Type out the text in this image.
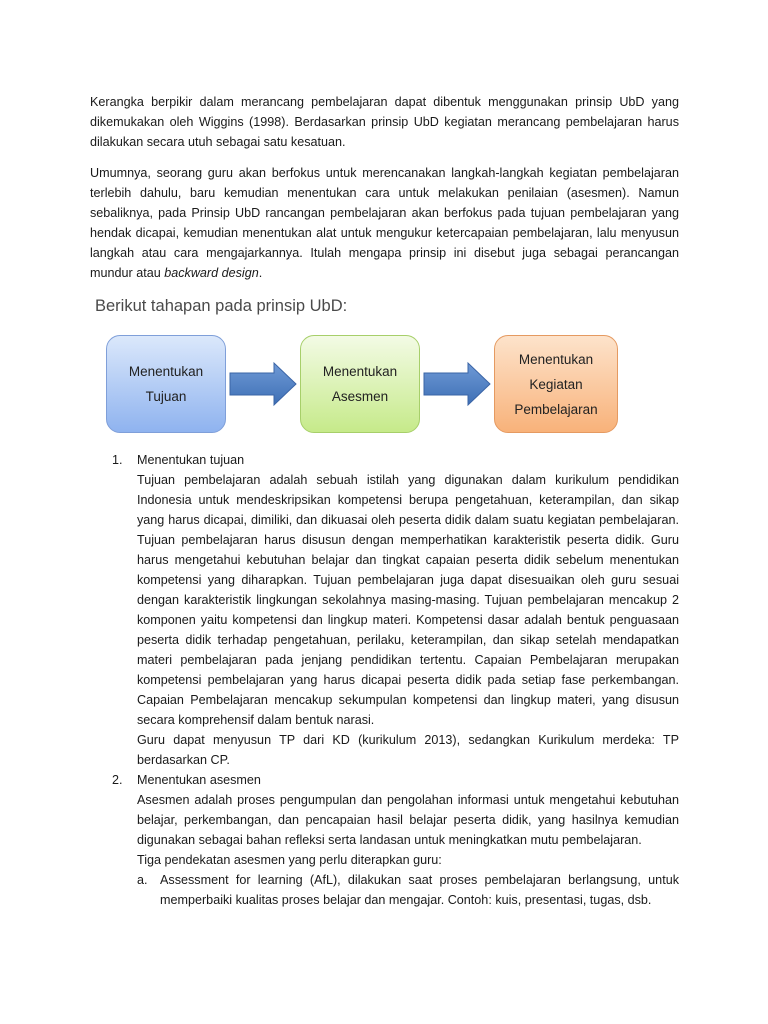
Kerangka berpikir dalam merancang pembelajaran dapat dibentuk menggunakan prinsip UbD yang dikemukakan oleh Wiggins (1998). Berdasarkan prinsip UbD kegiatan merancang pembelajaran harus dilakukan secara utuh sebagai satu kesatuan.

Umumnya, seorang guru akan berfokus untuk merencanakan langkah-langkah kegiatan pembelajaran terlebih dahulu, baru kemudian menentukan cara untuk melakukan penilaian (asesmen). Namun sebaliknya, pada Prinsip UbD rancangan pembelajaran akan berfokus pada tujuan pembelajaran yang hendak dicapai, kemudian menentukan alat untuk mengukur ketercapaian pembelajaran, lalu menyusun langkah atau cara mengajarkannya. Itulah mengapa prinsip ini disebut juga sebagai perancangan mundur atau backward design.

Berikut tahapan pada prinsip UbD:
Menentukan
Tujuan
Menentukan
Asesmen
Menentukan
Kegiatan
Pembelajaran
1. Menentukan tujuan

Tujuan pembelajaran adalah sebuah istilah yang digunakan dalam kurikulum pendidikan Indonesia untuk mendeskripsikan kompetensi berupa pengetahuan, keterampilan, dan sikap yang harus dicapai, dimiliki, dan dikuasai oleh peserta didik dalam suatu kegiatan pembelajaran. Tujuan pembelajaran harus disusun dengan memperhatikan karakteristik peserta didik. Guru harus mengetahui kebutuhan belajar dan tingkat capaian peserta didik sebelum menentukan kompetensi yang diharapkan. Tujuan pembelajaran juga dapat disesuaikan oleh guru sesuai dengan karakteristik lingkungan sekolahnya masing-masing. Tujuan pembelajaran mencakup 2 komponen yaitu kompetensi dan lingkup materi. Kompetensi dasar adalah bentuk penguasaan peserta didik terhadap pengetahuan, perilaku, keterampilan, dan sikap setelah mendapatkan materi pembelajaran pada jenjang pendidikan tertentu. Capaian Pembelajaran merupakan kompetensi pembelajaran yang harus dicapai peserta didik pada setiap fase perkembangan. Capaian Pembelajaran mencakup sekumpulan kompetensi dan lingkup materi, yang disusun secara komprehensif dalam bentuk narasi.

Guru dapat menyusun TP dari KD (kurikulum 2013), sedangkan Kurikulum merdeka: TP berdasarkan CP.

2. Menentukan asesmen

Asesmen adalah proses pengumpulan dan pengolahan informasi untuk mengetahui kebutuhan belajar, perkembangan, dan pencapaian hasil belajar peserta didik, yang hasilnya kemudian digunakan sebagai bahan refleksi serta landasan untuk meningkatkan mutu pembelajaran.

Tiga pendekatan asesmen yang perlu diterapkan guru:

a. Assessment for learning (AfL), dilakukan saat proses pembelajaran berlangsung, untuk memperbaiki kualitas proses belajar dan mengajar. Contoh: kuis, presentasi, tugas, dsb.
